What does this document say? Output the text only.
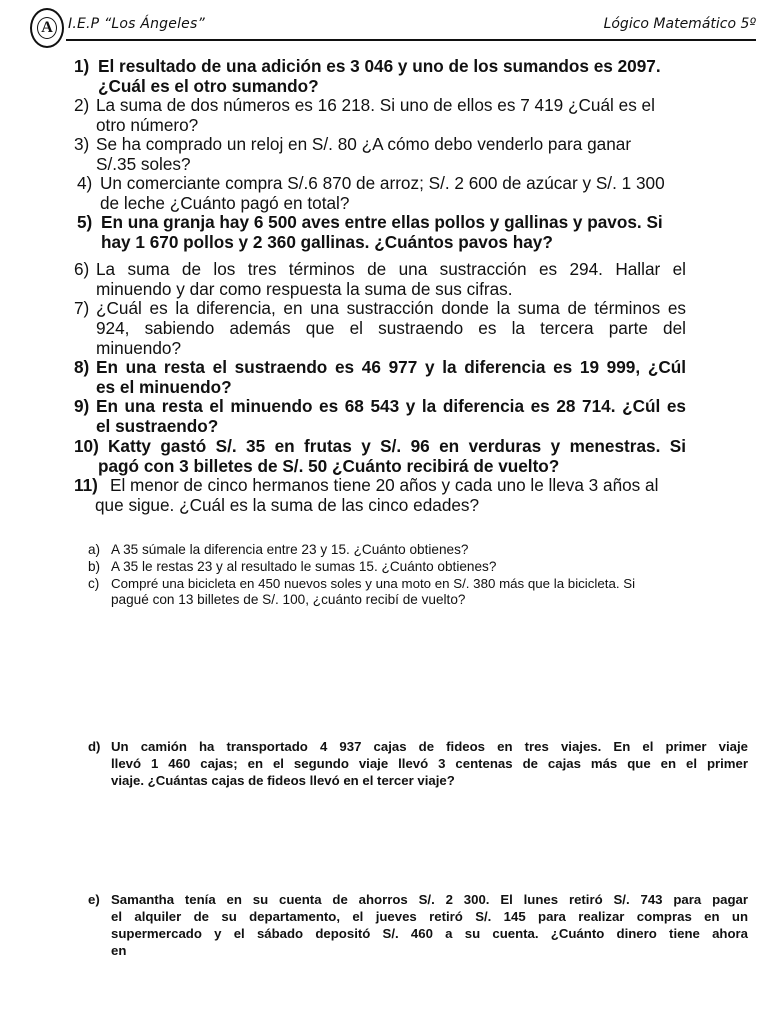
A	I.E.P “Los Ángeles”	Lógico Matemático 5º
1) El resultado de una adición es 3 046 y uno de los sumandos es 2097.
¿Cuál es el otro sumando?
2) La suma de dos números es 16 218. Si uno de ellos es 7 419 ¿Cuál es el
otro número?
3) Se ha comprado un reloj en S/. 80 ¿A cómo debo venderlo para ganar
S/.35 soles?
4) Un comerciante compra S/.6 870 de arroz; S/. 2 600 de azúcar y S/. 1 300
de leche ¿Cuánto pagó en total?
5) En una granja hay 6 500 aves entre ellas pollos y gallinas y pavos. Si
hay 1 670 pollos y 2 360 gallinas. ¿Cuántos pavos hay?
6) La suma de los tres términos de una sustracción es 294. Hallar el
minuendo y dar como respuesta la suma de sus cifras.
7) ¿Cuál es la diferencia, en una sustracción donde la suma de términos es
924, sabiendo además que el sustraendo es la tercera parte del
minuendo?
8) En una resta el sustraendo es 46 977 y la diferencia es 19 999, ¿Cúl
es el minuendo?
9) En una resta el minuendo es 68 543 y la diferencia es 28 714. ¿Cúl es
el sustraendo?
10) Katty gastó S/. 35 en frutas y S/. 96 en verduras y menestras. Si
pagó con 3 billetes de S/. 50 ¿Cuánto recibirá de vuelto?
11) El menor de cinco hermanos tiene 20 años y cada uno le lleva 3 años al
que sigue. ¿Cuál es la suma de las cinco edades?
a) A 35 súmale la diferencia entre 23 y 15. ¿Cuánto obtienes?
b) A 35 le restas 23 y al resultado le sumas 15. ¿Cuánto obtienes?
c) Compré una bicicleta en 450 nuevos soles y una moto en S/. 380 más que la bicicleta. Si
pagué con 13 billetes de S/. 100, ¿cuánto recibí de vuelto?
d) Un camión ha transportado 4 937 cajas de fideos en tres viajes. En el primer viaje
llevó 1 460 cajas; en el segundo viaje llevó 3 centenas de cajas más que en el primer
viaje. ¿Cuántas cajas de fideos llevó en el tercer viaje?
e) Samantha tenía en su cuenta de ahorros S/. 2 300. El lunes retiró S/. 743 para pagar
el alquiler de su departamento, el jueves retiró S/. 145 para realizar compras en un
supermercado y el sábado depositó S/. 460 a su cuenta. ¿Cuánto dinero tiene ahora
en
